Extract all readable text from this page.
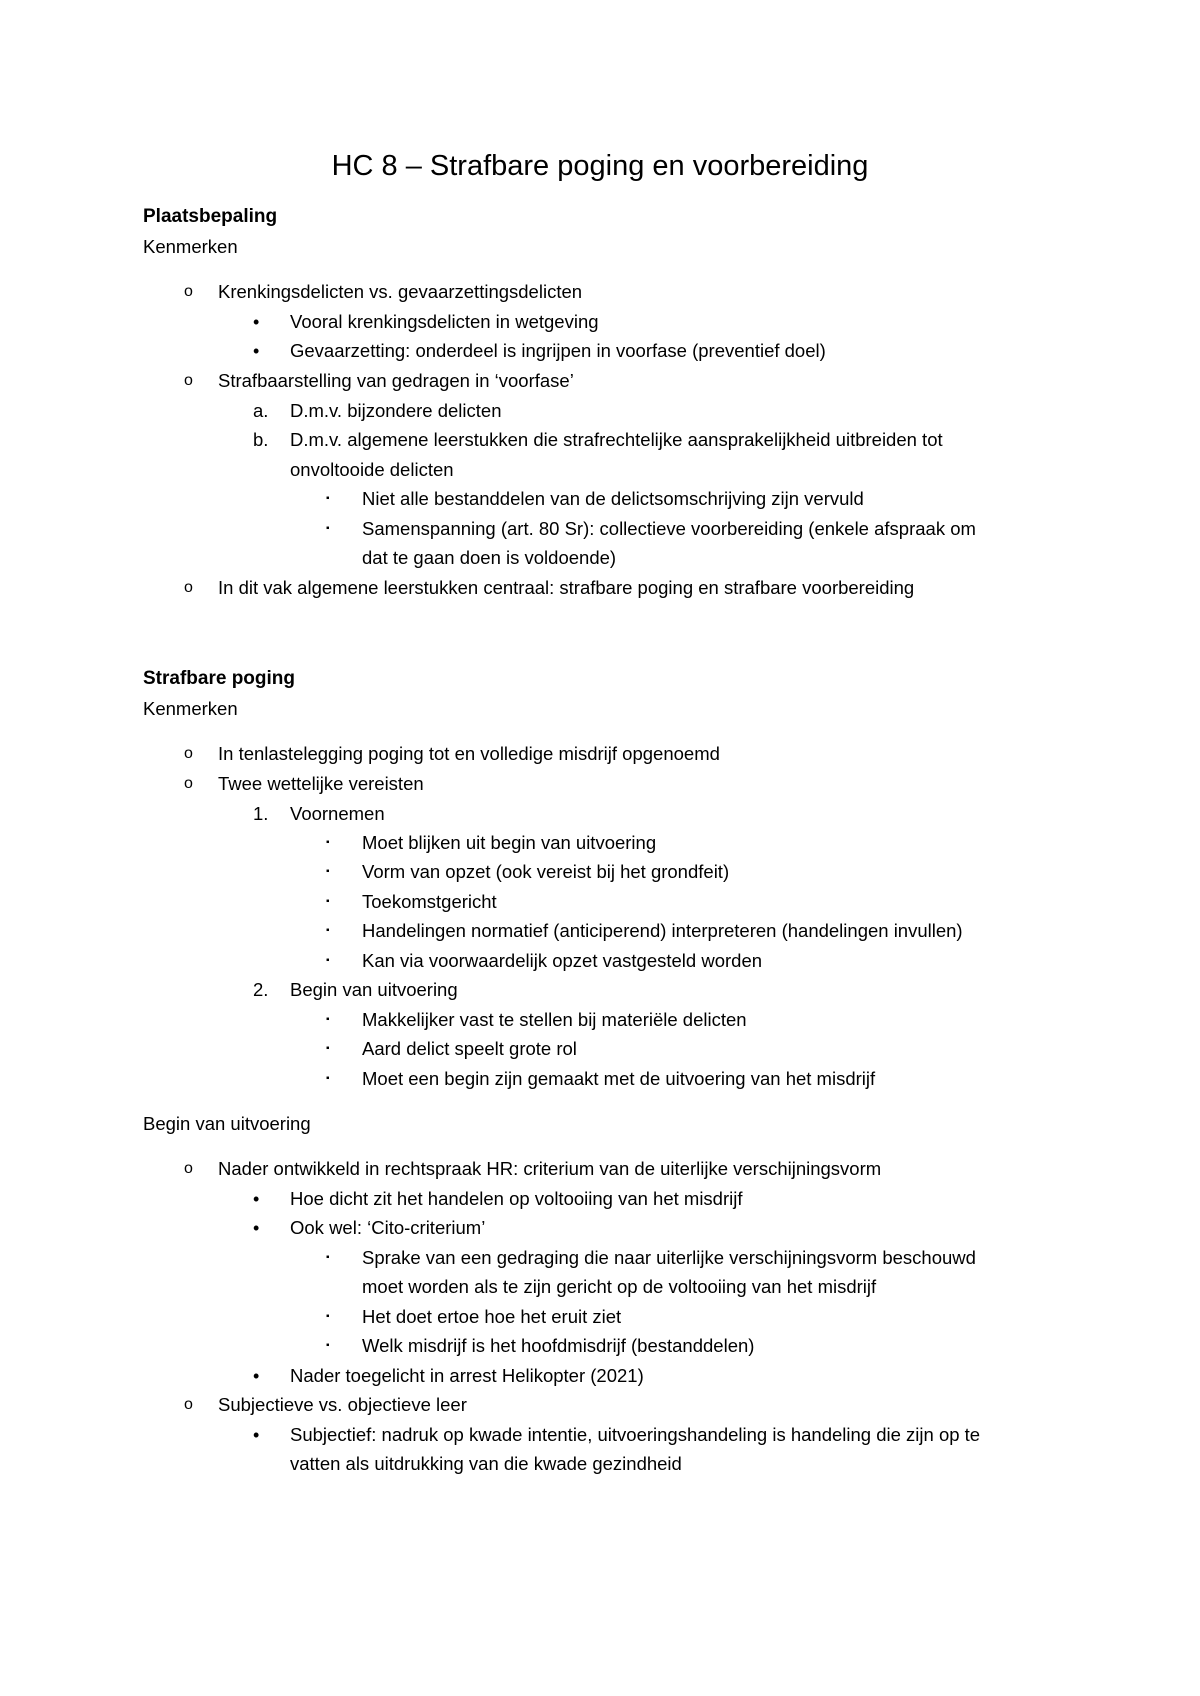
HC 8 – Strafbare poging en voorbereiding
Plaatsbepaling
Kenmerken
o Krenkingsdelicten vs. gevaarzettingsdelicten
• Vooral krenkingsdelicten in wetgeving
• Gevaarzetting: onderdeel is ingrijpen in voorfase (preventief doel)
o Strafbaarstelling van gedragen in ‘voorfase’
a. D.m.v. bijzondere delicten
b. D.m.v. algemene leerstukken die strafrechtelijke aansprakelijkheid uitbreiden tot
onvoltooide delicten
▪ Niet alle bestanddelen van de delictsomschrijving zijn vervuld
▪ Samenspanning (art. 80 Sr): collectieve voorbereiding (enkele afspraak om
dat te gaan doen is voldoende)
o In dit vak algemene leerstukken centraal: strafbare poging en strafbare voorbereiding
Strafbare poging
Kenmerken
o In tenlastelegging poging tot en volledige misdrijf opgenoemd
o Twee wettelijke vereisten
1. Voornemen
▪ Moet blijken uit begin van uitvoering
▪ Vorm van opzet (ook vereist bij het grondfeit)
▪ Toekomstgericht
▪ Handelingen normatief (anticiperend) interpreteren (handelingen invullen)
▪ Kan via voorwaardelijk opzet vastgesteld worden
2. Begin van uitvoering
▪ Makkelijker vast te stellen bij materiële delicten
▪ Aard delict speelt grote rol
▪ Moet een begin zijn gemaakt met de uitvoering van het misdrijf
Begin van uitvoering
o Nader ontwikkeld in rechtspraak HR: criterium van de uiterlijke verschijningsvorm
• Hoe dicht zit het handelen op voltooiing van het misdrijf
• Ook wel: ‘Cito-criterium’
▪ Sprake van een gedraging die naar uiterlijke verschijningsvorm beschouwd
moet worden als te zijn gericht op de voltooiing van het misdrijf
▪ Het doet ertoe hoe het eruit ziet
▪ Welk misdrijf is het hoofdmisdrijf (bestanddelen)
• Nader toegelicht in arrest Helikopter (2021)
o Subjectieve vs. objectieve leer
• Subjectief: nadruk op kwade intentie, uitvoeringshandeling is handeling die zijn op te
vatten als uitdrukking van die kwade gezindheid
